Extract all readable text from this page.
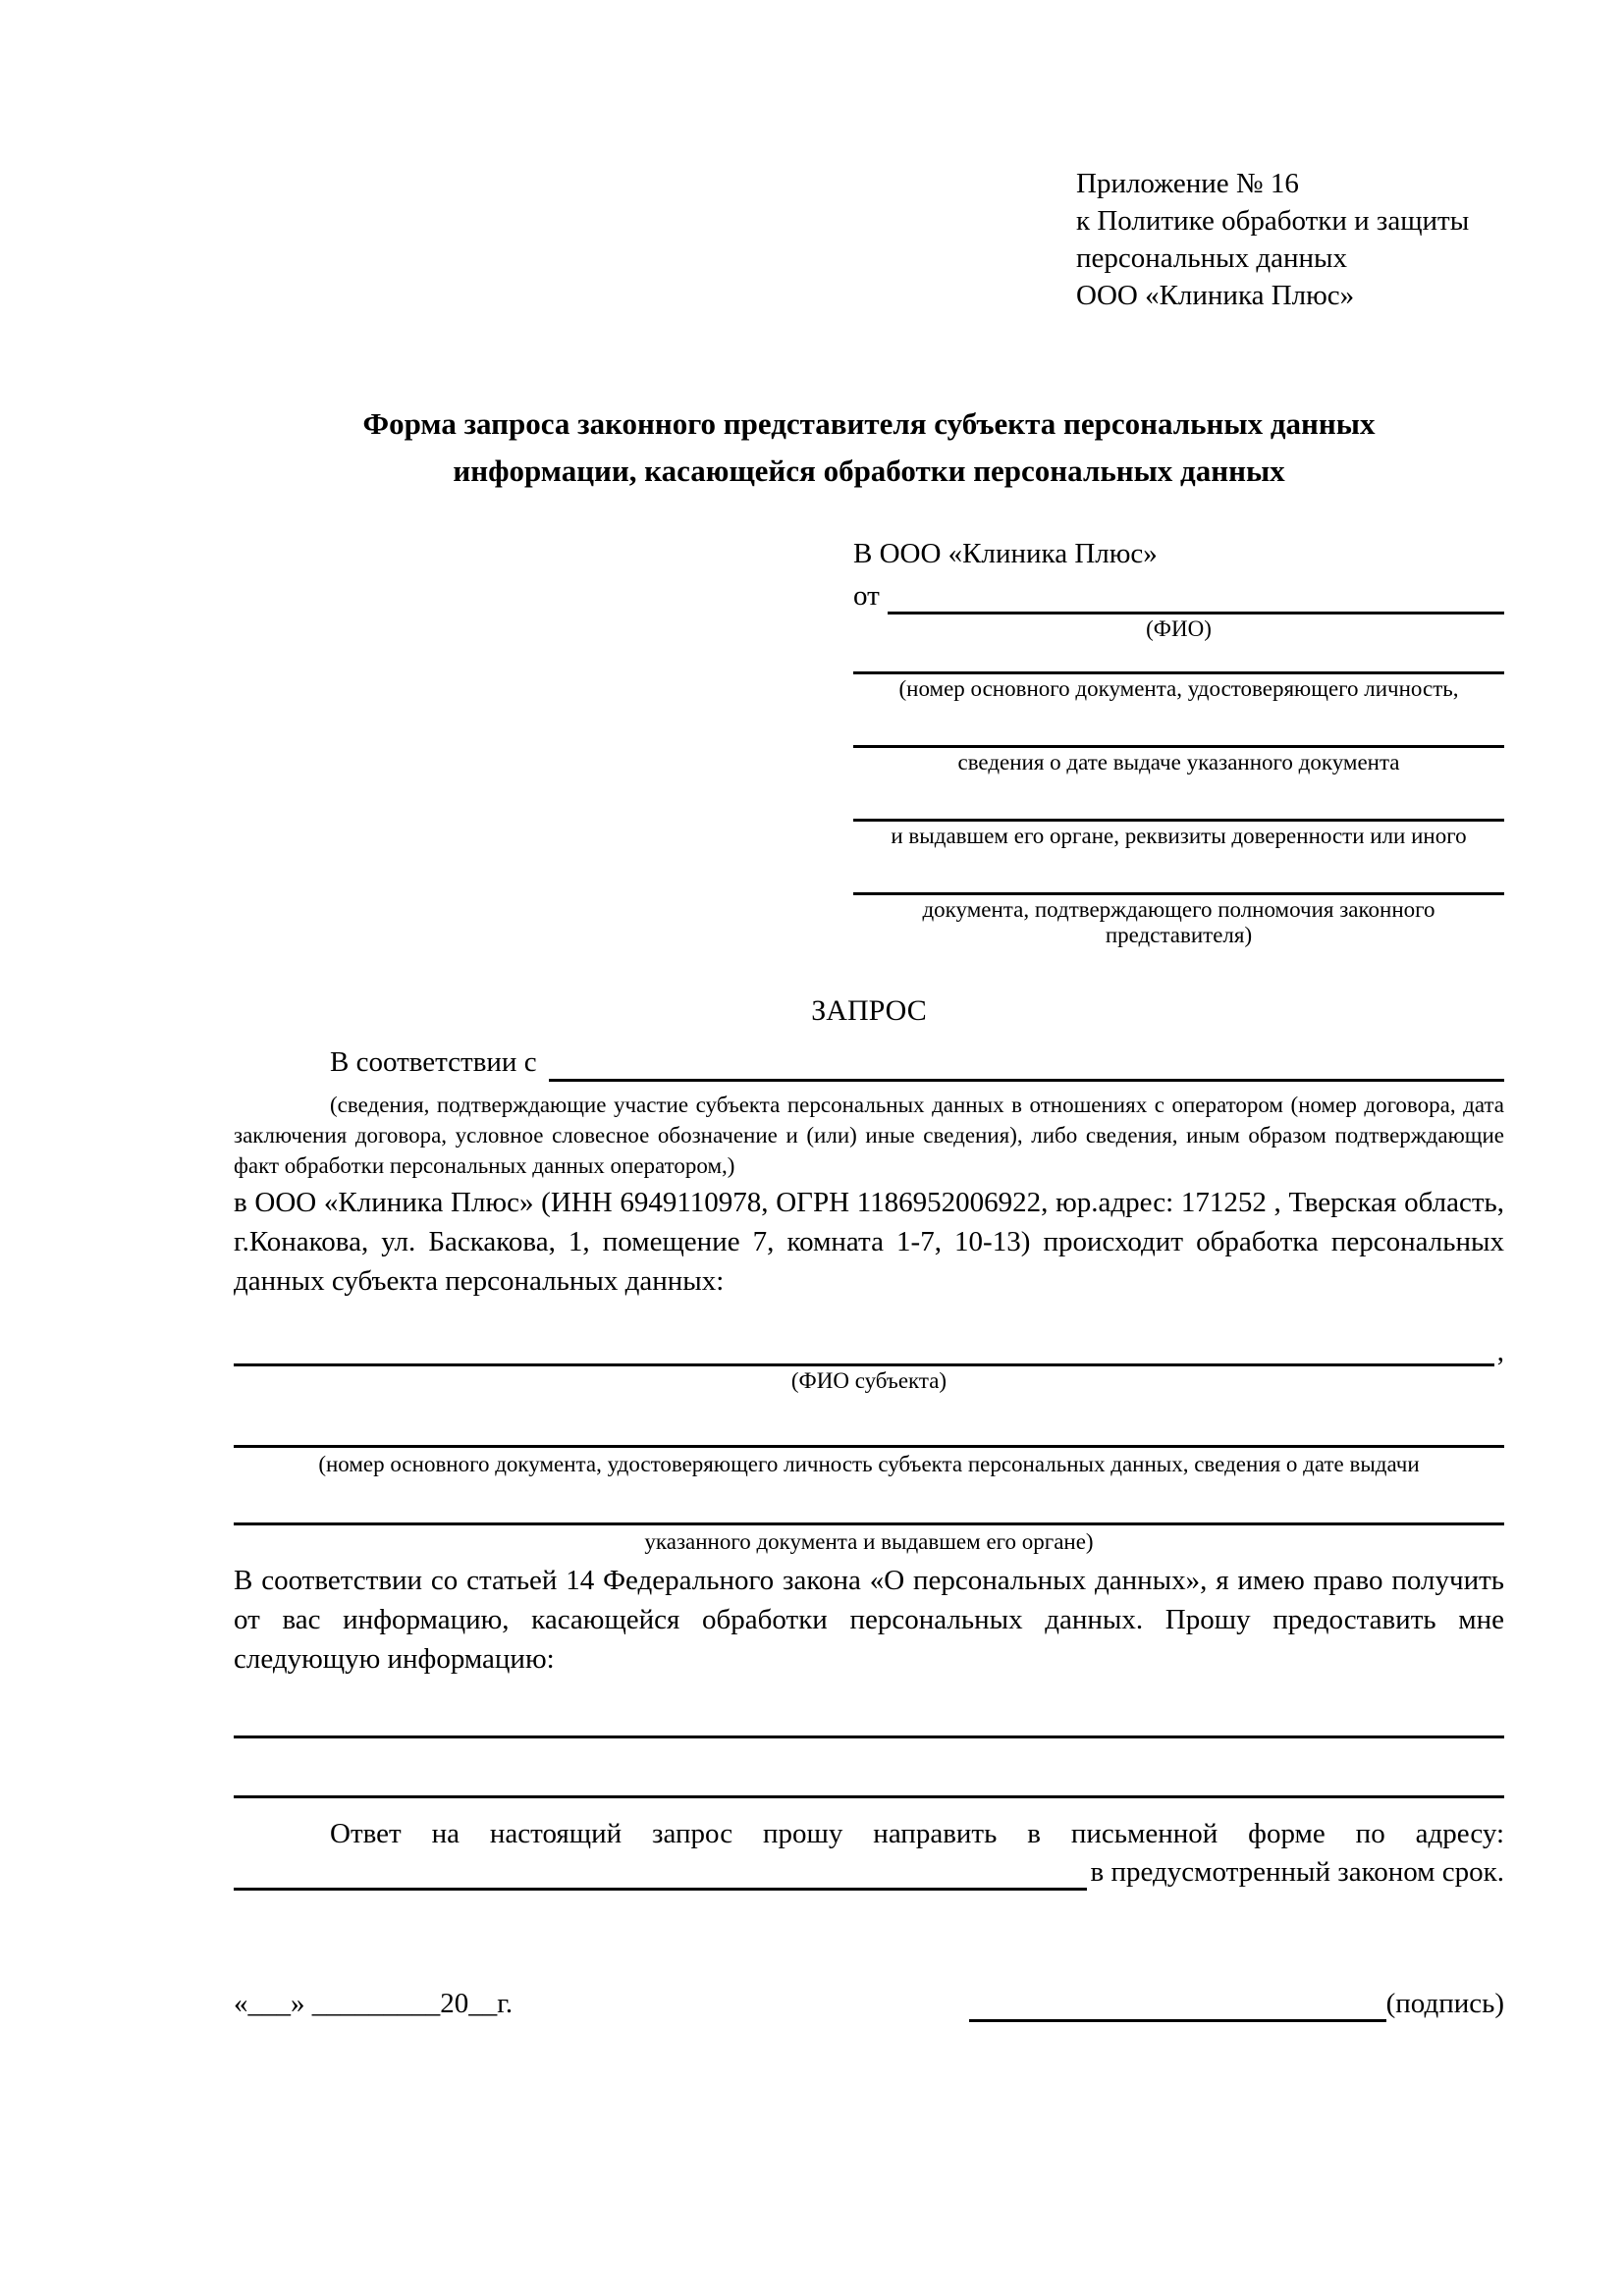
Приложение № 16
к Политике обработки и защиты
персональных данных
ООО «Клиника Плюс»
Форма запроса законного представителя субъекта персональных данных
информации, касающейся обработки персональных данных
В ООО «Клиника Плюс»
от
(ФИО)
(номер основного документа, удостоверяющего личность,
сведения о дате выдаче указанного документа
и выдавшем его органе, реквизиты доверенности или иного
документа, подтверждающего полномочия законного представителя)
ЗАПРОС
В соответствии с
(сведения, подтверждающие участие субъекта персональных данных в отношениях с оператором (номер договора, дата заключения договора, условное словесное обозначение и (или) иные сведения), либо сведения, иным образом подтверждающие факт обработки персональных данных оператором,)
в ООО «Клиника Плюс» (ИНН 6949110978, ОГРН 1186952006922, юр.адрес: 171252 , Тверская область, г.Конакова, ул. Баскакова, 1, помещение 7, комната 1-7, 10-13) происходит обработка персональных данных субъекта персональных данных:
,
(ФИО субъекта)
(номер основного документа, удостоверяющего личность субъекта персональных данных, сведения о дате выдачи
указанного документа и выдавшем его органе)
В соответствии со статьей 14 Федерального закона «О персональных данных», я имею право получить от вас информацию, касающейся обработки персональных данных. Прошу предоставить мне следующую информацию:
Ответ на настоящий запрос прошу направить в письменной форме по адресу:
в предусмотренный законом срок.
«___» _________20__г.	(подпись)
